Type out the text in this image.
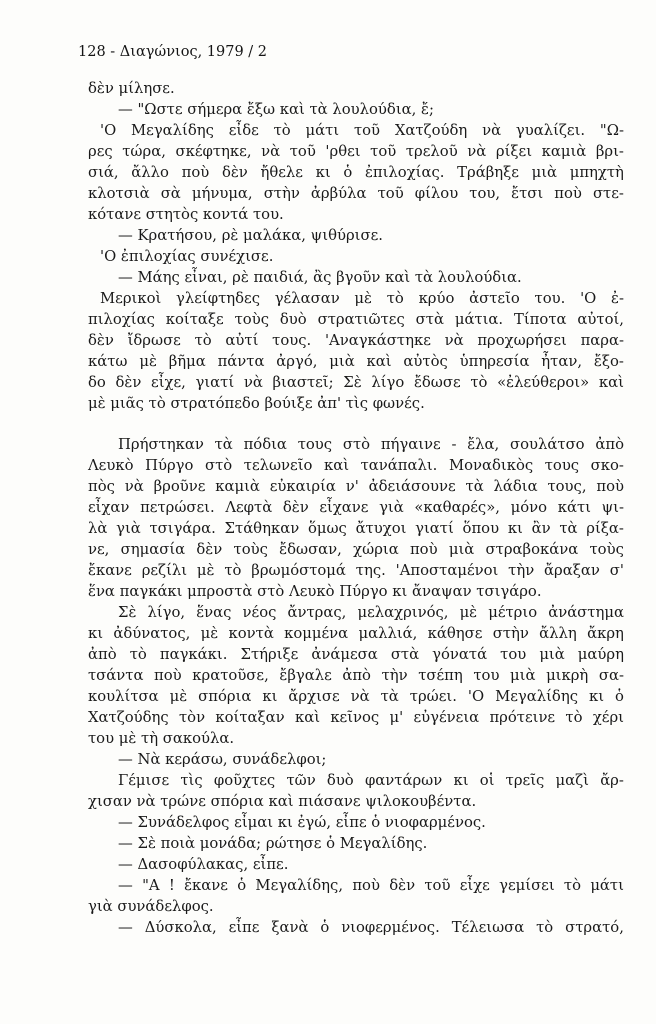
128 - Διαγώνιος, 1979 / 2
δὲν μίλησε.
— "Ωστε σήμερα ἔξω καὶ τὰ λουλούδια, ἔ;
'Ο Μεγαλίδης εἶδε τὸ μάτι τοῦ Χατζούδη νὰ γυαλίζει. "Ω-
ρες τώρα, σκέφτηκε, νὰ τοῦ 'ρθει τοῦ τρελοῦ νὰ ρίξει καμιὰ βρι-
σιά, ἄλλο ποὺ δὲν ἤθελε κι ὁ ἐπιλοχίας. Τράβηξε μιὰ μπηχτὴ
κλοτσιὰ σὰ μήνυμα, στὴν ἀρβύλα τοῦ φίλου του, ἔτσι ποὺ στε-
κότανε στητὸς κοντά του.
— Κρατήσου, ρὲ μαλάκα, ψιθύρισε.
'Ο ἐπιλοχίας συνέχισε.
— Μάης εἶναι, ρὲ παιδιά, ἂς βγοῦν καὶ τὰ λουλούδια.
Μερικοὶ γλείφτηδες γέλασαν μὲ τὸ κρύο ἀστεῖο του. 'Ο ἐ-
πιλοχίας κοίταξε τοὺς δυὸ στρατιῶτες στὰ μάτια. Τίποτα αὐτοί,
δὲν ἴδρωσε τὸ αὐτί τους. 'Αναγκάστηκε νὰ προχωρήσει παρα-
κάτω μὲ βῆμα πάντα ἀργό, μιὰ καὶ αὐτὸς ὑπηρεσία ἦταν, ἔξο-
δο δὲν εἶχε, γιατί νὰ βιαστεῖ; Σὲ λίγο ἔδωσε τὸ «ἐλεύθεροι» καὶ
μὲ μιᾶς τὸ στρατόπεδο βούιξε ἀπ' τὶς φωνές.
Πρήστηκαν τὰ πόδια τους στὸ πήγαινε - ἔλα, σουλάτσο ἀπὸ
Λευκὸ Πύργο στὸ τελωνεῖο καὶ τανάπαλι. Μοναδικὸς τους σκο-
πὸς νὰ βροῦνε καμιὰ εὐκαιρία ν' ἀδειάσουνε τὰ λάδια τους, ποὺ
εἶχαν πετρώσει. Λεφτὰ δὲν εἶχανε γιὰ «καθαρές», μόνο κάτι ψι-
λὰ γιὰ τσιγάρα. Στάθηκαν ὅμως ἄτυχοι γιατί ὅπου κι ἂν τὰ ρίξα-
νε, σημασία δὲν τοὺς ἔδωσαν, χώρια ποὺ μιὰ στραβοκάνα τοὺς
ἔκανε ρεζίλι μὲ τὸ βρωμόστομά της. 'Αποσταμένοι τὴν ἄραξαν σ'
ἕνα παγκάκι μπροστὰ στὸ Λευκὸ Πύργο κι ἄναψαν τσιγάρο.
Σὲ λίγο, ἕνας νέος ἄντρας, μελαχρινός, μὲ μέτριο ἀνάστημα
κι ἀδύνατος, μὲ κοντὰ κομμένα μαλλιά, κάθησε στὴν ἄλλη ἄκρη
ἀπὸ τὸ παγκάκι. Στήριξε ἀνάμεσα στὰ γόνατά του μιὰ μαύρη
τσάντα ποὺ κρατοῦσε, ἔβγαλε ἀπὸ τὴν τσέπη του μιὰ μικρὴ σα-
κουλίτσα μὲ σπόρια κι ἄρχισε νὰ τὰ τρώει. 'Ο Μεγαλίδης κι ὁ
Χατζούδης τὸν κοίταξαν καὶ κεῖνος μ' εὐγένεια πρότεινε τὸ χέρι
του μὲ τὴ σακούλα.
— Νὰ κεράσω, συνάδελφοι;
Γέμισε τὶς φοῦχτες τῶν δυὸ φαντάρων κι οἱ τρεῖς μαζὶ ἄρ-
χισαν νὰ τρώνε σπόρια καὶ πιάσανε ψιλοκουβέντα.
— Συνάδελφος εἶμαι κι ἐγώ, εἶπε ὁ νιοφαρμένος.
— Σὲ ποιὰ μονάδα; ρώτησε ὁ Μεγαλίδης.
— Δασοφύλακας, εἶπε.
— "Α ! ἔκανε ὁ Μεγαλίδης, ποὺ δὲν τοῦ εἶχε γεμίσει τὸ μάτι
γιὰ συνάδελφος.
— Δύσκολα, εἶπε ξανὰ ὁ νιοφερμένος. Τέλειωσα τὸ στρατό,
